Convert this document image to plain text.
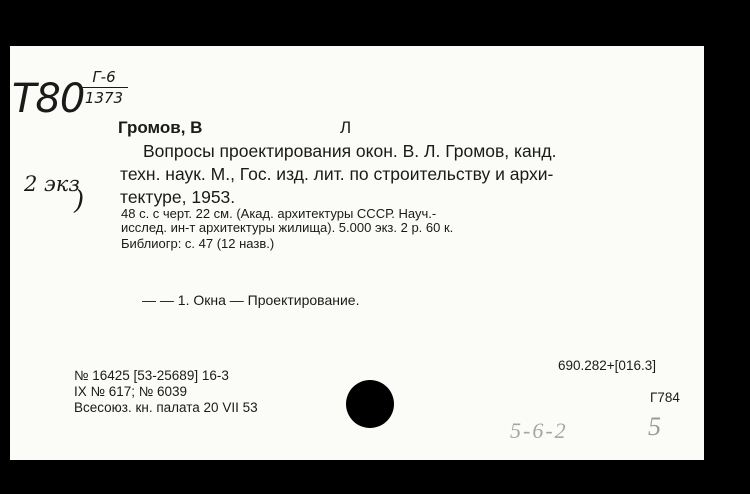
Т80 Г-6
1373
2 экз
)
Громов, В	Л
Вопросы проектирования окон. В. Л. Громов, канд.
техн. наук. М., Гос. изд. лит. по строительству и архи-
тектуре, 1953.
48 с. с черт. 22 см. (Акад. архитектуры СССР. Науч.-
исслед. ин-т архитектуры жилища). 5.000 экз. 2 р. 60 к.
Библиогр: с. 47 (12 назв.)
— — 1. Окна — Проектирование.
№ 16425 [53-25689] 16-3
IX № 617; № 6039
Всесоюз. кн. палата 20 VII 53
690.282+[016.3]
Г784
5-6-2	5
